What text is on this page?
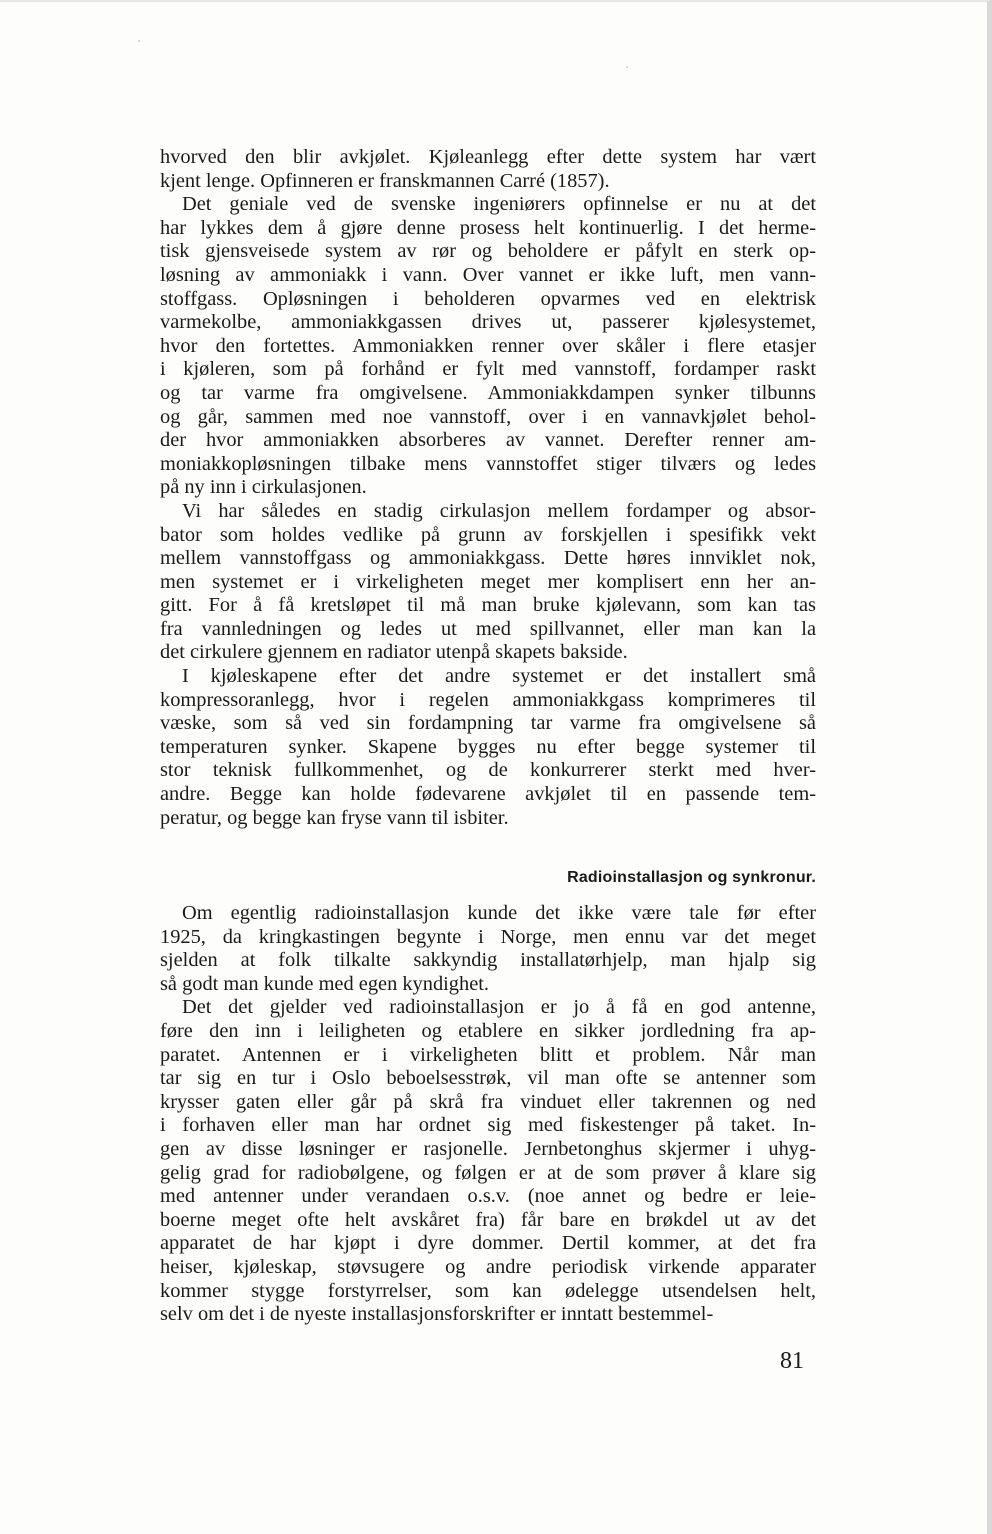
hvorved den blir avkjølet. Kjøleanlegg efter dette system har vært
kjent lenge. Opfinneren er franskmannen Carré (1857).

Det geniale ved de svenske ingeniørers opfinnelse er nu at det
har lykkes dem å gjøre denne prosess helt kontinuerlig. I det herme-
tisk gjensveisede system av rør og beholdere er påfylt en sterk op-
løsning av ammoniakk i vann. Over vannet er ikke luft, men vann-
stoffgass. Opløsningen i beholderen opvarmes ved en elektrisk
varmekolbe, ammoniakkgassen drives ut, passerer kjølesystemet,
hvor den fortettes. Ammoniakken renner over skåler i flere etasjer
i kjøleren, som på forhånd er fylt med vannstoff, fordamper raskt
og tar varme fra omgivelsene. Ammoniakkdampen synker tilbunns
og går, sammen med noe vannstoff, over i en vannavkjølet behol-
der hvor ammoniakken absorberes av vannet. Derefter renner am-
moniakkopløsningen tilbake mens vannstoffet stiger tilværs og ledes
på ny inn i cirkulasjonen.

Vi har således en stadig cirkulasjon mellem fordamper og absor-
bator som holdes vedlike på grunn av forskjellen i spesifikk vekt
mellem vannstoffgass og ammoniakkgass. Dette høres innviklet nok,
men systemet er i virkeligheten meget mer komplisert enn her an-
gitt. For å få kretsløpet til må man bruke kjølevann, som kan tas
fra vannledningen og ledes ut med spillvannet, eller man kan la
det cirkulere gjennem en radiator utenpå skapets bakside.

I kjøleskapene efter det andre systemet er det installert små
kompressoranlegg, hvor i regelen ammoniakkgass komprimeres til
væske, som så ved sin fordampning tar varme fra omgivelsene så
temperaturen synker. Skapene bygges nu efter begge systemer til
stor teknisk fullkommenhet, og de konkurrerer sterkt med hver-
andre. Begge kan holde fødevarene avkjølet til en passende tem-
peratur, og begge kan fryse vann til isbiter.

Radioinstallasjon og synkronur.

Om egentlig radioinstallasjon kunde det ikke være tale før efter
1925, da kringkastingen begynte i Norge, men ennu var det meget
sjelden at folk tilkalte sakkyndig installatørhjelp, man hjalp sig
så godt man kunde med egen kyndighet.

Det det gjelder ved radioinstallasjon er jo å få en god antenne,
føre den inn i leiligheten og etablere en sikker jordledning fra ap-
paratet. Antennen er i virkeligheten blitt et problem. Når man
tar sig en tur i Oslo beboelsesstrøk, vil man ofte se antenner som
krysser gaten eller går på skrå fra vinduet eller takrennen og ned
i forhaven eller man har ordnet sig med fiskestenger på taket. In-
gen av disse løsninger er rasjonelle. Jernbetonghus skjermer i uhyg-
gelig grad for radiobølgene, og følgen er at de som prøver å klare sig
med antenner under verandaen o.s.v. (noe annet og bedre er leie-
boerne meget ofte helt avskåret fra) får bare en brøkdel ut av det
apparatet de har kjøpt i dyre dommer. Dertil kommer, at det fra
heiser, kjøleskap, støvsugere og andre periodisk virkende apparater
kommer stygge forstyrrelser, som kan ødelegge utsendelsen helt,
selv om det i de nyeste installasjonsforskrifter er inntatt bestemmel-

81
